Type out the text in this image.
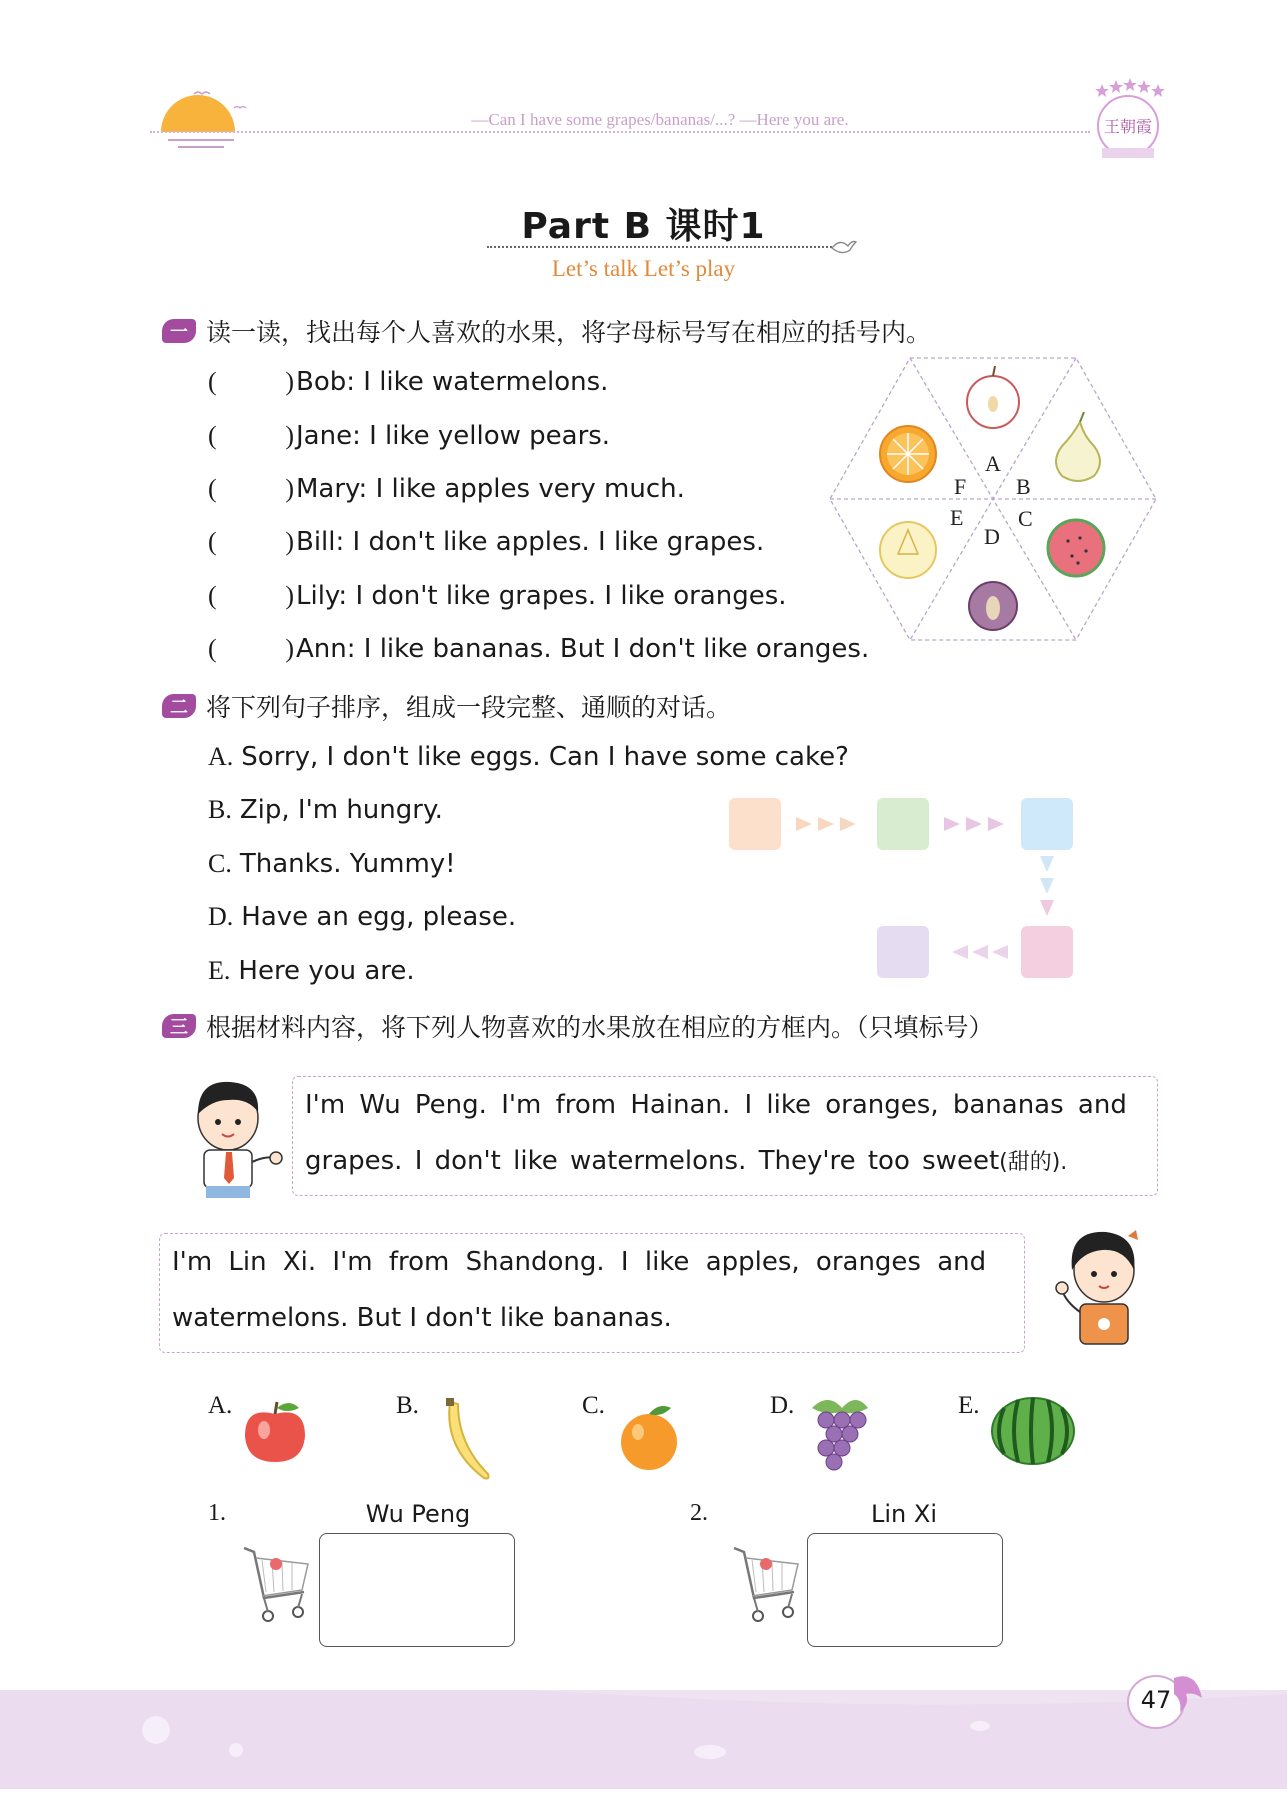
—Can I have some grapes/bananas/...? —Here you are.	王朝霞
Part B 课时1
Let’s talk Let’s play
一 读一读，找出每个人喜欢的水果，将字母标号写在相应的括号内。
(	) Bob: I like watermelons.
(	) Jane: I like yellow pears.
(	) Mary: I like apples very much.
(	) Bill: I don't like apples. I like grapes.
(	) Lily: I don't like grapes. I like oranges.
(	) Ann: I like bananas. But I don't like oranges.
A
B
C
D
E
F
二 将下列句子排序，组成一段完整、通顺的对话。
A. Sorry, I don't like eggs. Can I have some cake?
B. Zip, I'm hungry.
C. Thanks. Yummy!
D. Have an egg, please.
E. Here you are.
三 根据材料内容，将下列人物喜欢的水果放在相应的方框内。（只填标号）
I'm Wu Peng. I'm from Hainan. I like oranges, bananas and
grapes. I don't like watermelons. They're too sweet(甜的).
I'm Lin Xi. I'm from Shandong. I like apples, oranges and
watermelons. But I don't like bananas.
A.	B.	C.	D.	E.
1.	Wu Peng	2.	Lin Xi
47
